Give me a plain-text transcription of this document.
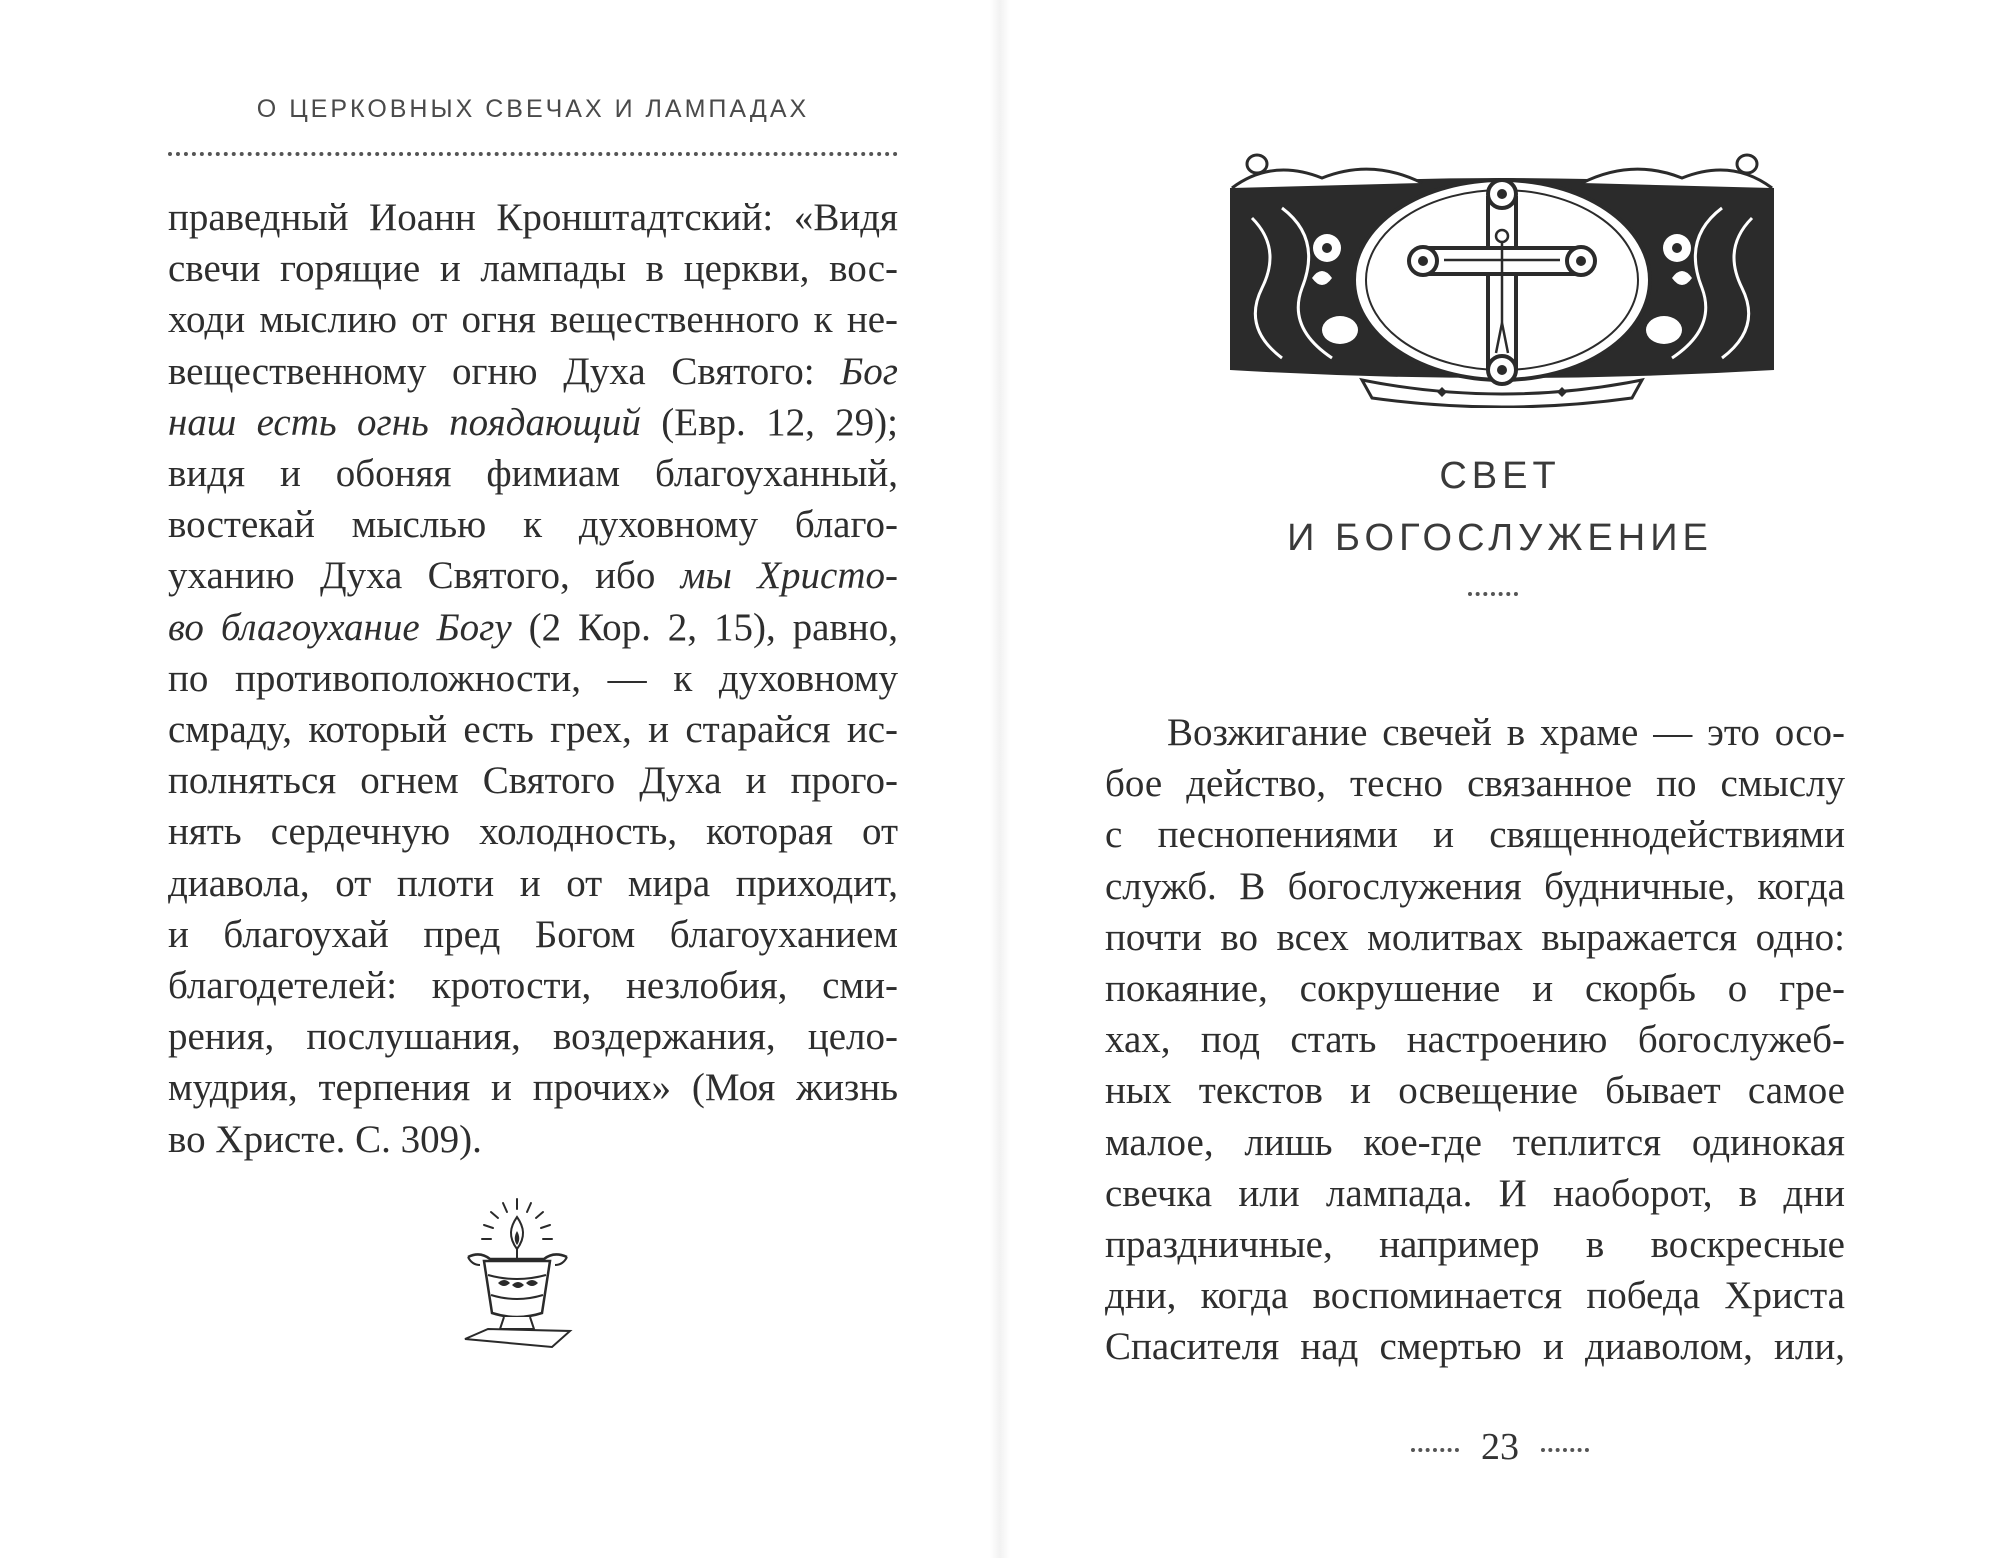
О ЦЕРКОВНЫХ СВЕЧАХ И ЛАМПАДАХ
праведный Иоанн Кронштадтский: «Видя
свечи горящие и лампады в церкви, вос-
ходи мыслию от огня вещественного к не-
вещественному огню Духа Святого: Бог
наш есть огнь поядающий (Евр. 12, 29);
видя и обоняя фимиам благоуханный,
востекай мыслью к духовному благо-
уханию Духа Святого, ибо мы Христо-
во благоухание Богу (2 Кор. 2, 15), равно,
по противоположности, — к духовному
смраду, который есть грех, и старайся ис-
полняться огнем Святого Духа и прого-
нять сердечную холодность, которая от
диавола, от плоти и от мира приходит,
и благоухай пред Богом благоуханием
благодетелей: кротости, незлобия, сми-
рения, послушания, воздержания, цело-
мудрия, терпения и прочих» (Моя жизнь
во Христе. С. 309).
СВЕТ
И БОГОСЛУЖЕНИЕ
Возжигание свечей в храме — это осо-
бое действо, тесно связанное по смыслу
с песнопениями и священнодействиями
служб. В богослужения будничные, когда
почти во всех молитвах выражается одно:
покаяние, сокрушение и скорбь о гре-
хах, под стать настроению богослужеб-
ных текстов и освещение бывает самое
малое, лишь кое-где теплится одинокая
свечка или лампада. И наоборот, в дни
праздничные, например в воскресные
дни, когда воспоминается победа Христа
Спасителя над смертью и диаволом, или,
23
